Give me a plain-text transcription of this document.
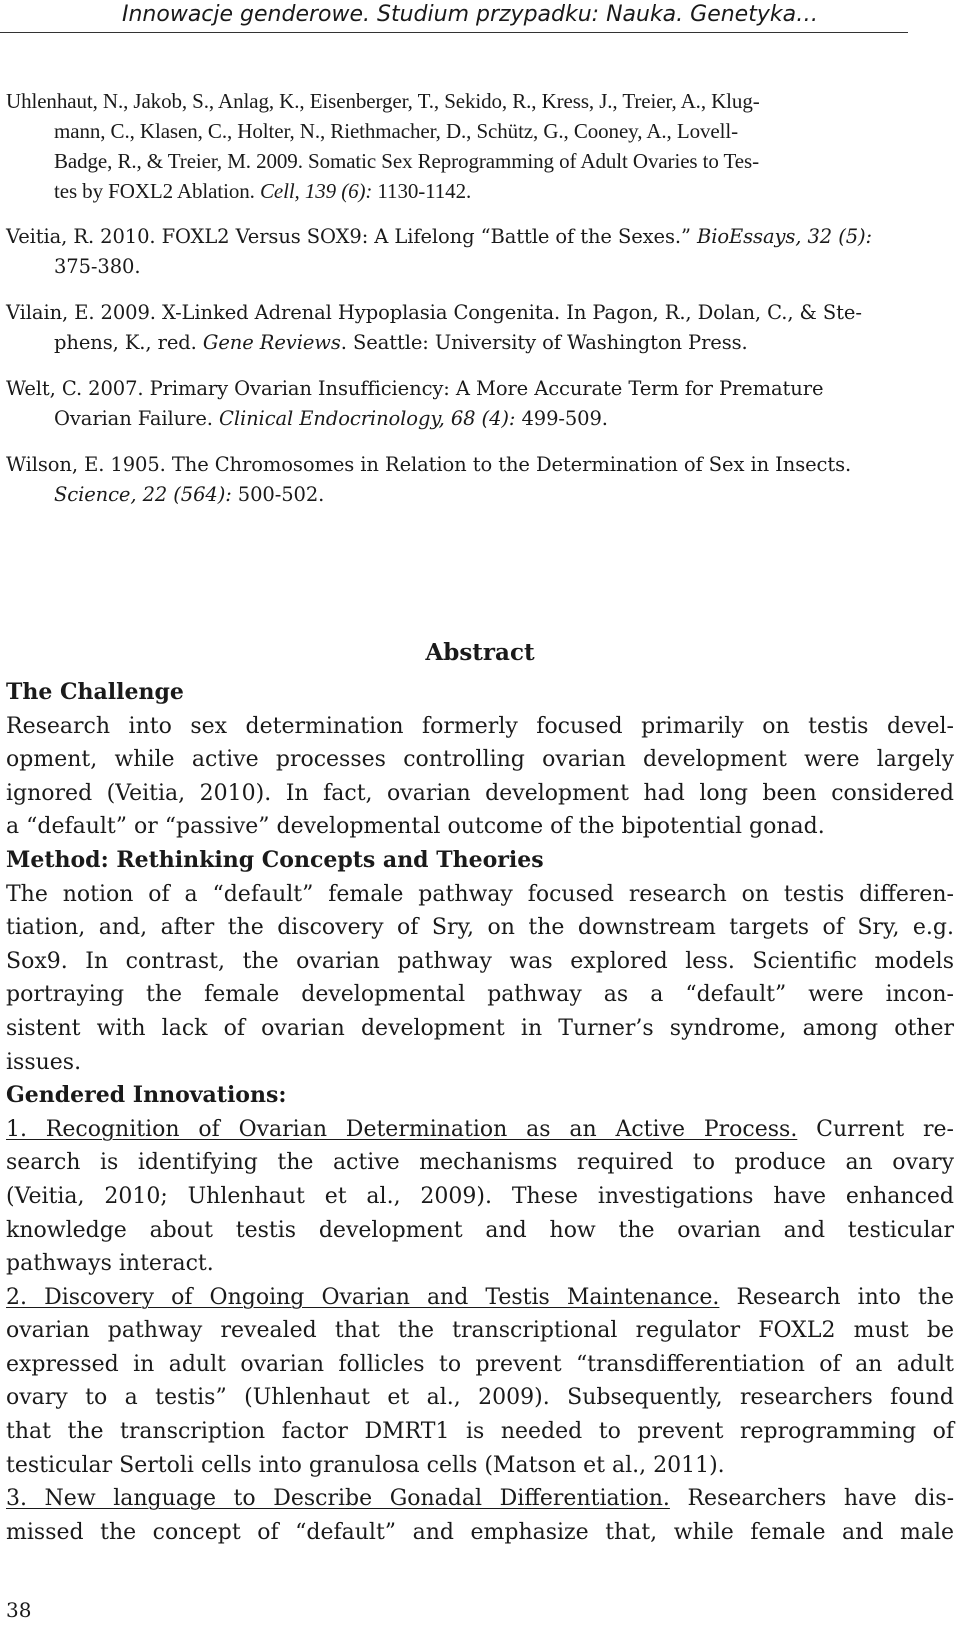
Innowacje genderowe. Studium przypadku: Nauka. Genetyka…
Uhlenhaut, N., Jakob, S., Anlag, K., Eisenberger, T., Sekido, R., Kress, J., Treier, A., Klug-
mann, C., Klasen, C., Holter, N., Riethmacher, D., Schütz, G., Cooney, A., Lovell-
Badge, R., & Treier, M. 2009. Somatic Sex Reprogramming of Adult Ovaries to Tes-
tes by FOXL2 Ablation. Cell, 139 (6): 1130-1142.
Veitia, R. 2010. FOXL2 Versus SOX9: A Lifelong “Battle of the Sexes.” BioEssays, 32 (5):
375-380.
Vilain, E. 2009. X-Linked Adrenal Hypoplasia Congenita. In Pagon, R., Dolan, C., & Ste-
phens, K., red. Gene Reviews. Seattle: University of Washington Press.
Welt, C. 2007. Primary Ovarian Insufficiency: A More Accurate Term for Premature
Ovarian Failure. Clinical Endocrinology, 68 (4): 499-509.
Wilson, E. 1905. The Chromosomes in Relation to the Determination of Sex in Insects.
Science, 22 (564): 500-502.
Abstract
The Challenge
Research into sex determination formerly focused primarily on testis devel-
opment, while active processes controlling ovarian development were largely
ignored (Veitia, 2010). In fact, ovarian development had long been considered
a “default” or “passive” developmental outcome of the bipotential gonad.
Method: Rethinking Concepts and Theories
The notion of a “default” female pathway focused research on testis differen-
tiation, and, after the discovery of Sry, on the downstream targets of Sry, e.g.
Sox9. In contrast, the ovarian pathway was explored less. Scientific models
portraying the female developmental pathway as a “default” were incon-
sistent with lack of ovarian development in Turner’s syndrome, among other
issues.
Gendered Innovations:
1. Recognition of Ovarian Determination as an Active Process. Current re-
search is identifying the active mechanisms required to produce an ovary
(Veitia, 2010; Uhlenhaut et al., 2009). These investigations have enhanced
knowledge about testis development and how the ovarian and testicular
pathways interact.
2. Discovery of Ongoing Ovarian and Testis Maintenance. Research into the
ovarian pathway revealed that the transcriptional regulator FOXL2 must be
expressed in adult ovarian follicles to prevent “transdifferentiation of an adult
ovary to a testis” (Uhlenhaut et al., 2009). Subsequently, researchers found
that the transcription factor DMRT1 is needed to prevent reprogramming of
testicular Sertoli cells into granulosa cells (Matson et al., 2011).
3. New language to Describe Gonadal Differentiation. Researchers have dis-
missed the concept of “default” and emphasize that, while female and male
38
